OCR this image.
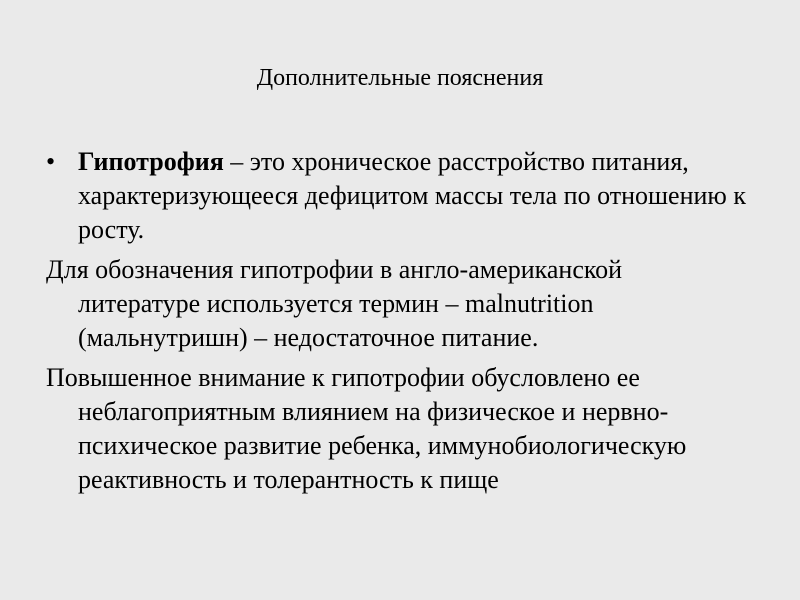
Дополнительные пояснения
• Гипотрофия – это хроническое расстройство питания, характеризующееся дефицитом массы тела по отношению к росту.

Для обозначения гипотрофии в англо-американской литературе используется термин – malnutrition (мальнутришн) – недостаточное питание.

Повышенное внимание к гипотрофии обусловлено ее неблагоприятным влиянием на физическое и нервно-психическое развитие ребенка, иммунобиологическую реактивность и толерантность к пище
